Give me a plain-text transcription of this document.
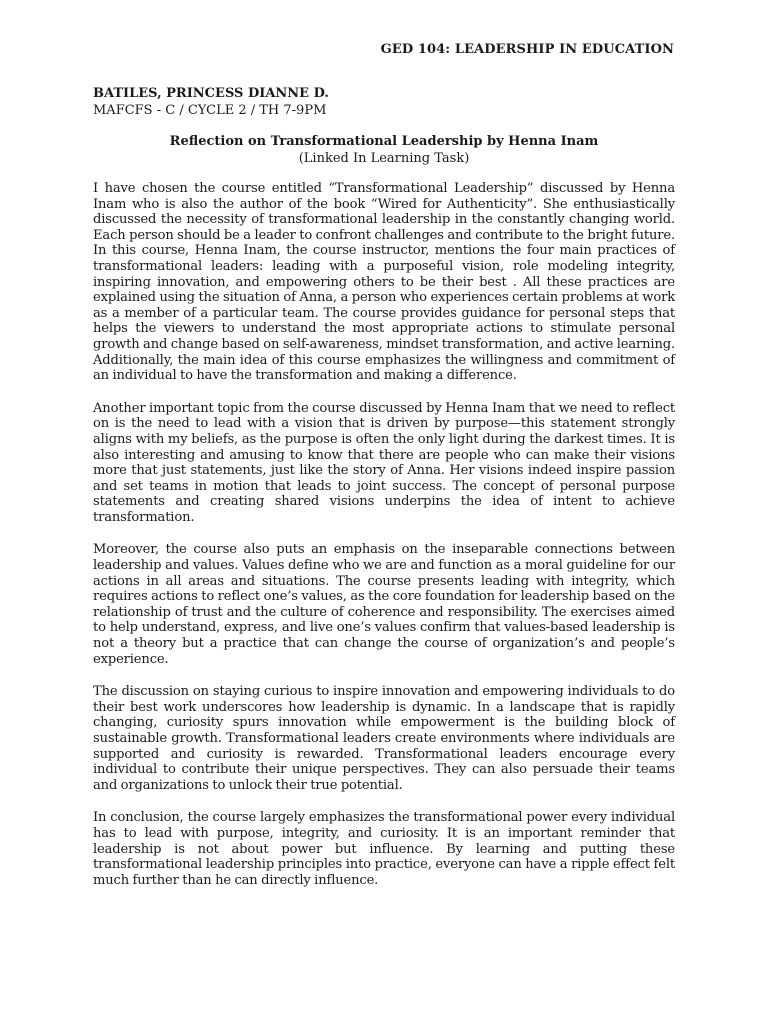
GED 104: LEADERSHIP IN EDUCATION
BATILES, PRINCESS DIANNE D.
MAFCFS - C / CYCLE 2 / TH 7-9PM
Reflection on Transformational Leadership by Henna Inam
(Linked In Learning Task)

I have chosen the course entitled “Transformational Leadership” discussed by Henna Inam who is also the author of the book “Wired for Authenticity”. She enthusiastically discussed the necessity of transformational leadership in the constantly changing world. Each person should be a leader to confront challenges and contribute to the bright future. In this course, Henna Inam, the course instructor, mentions the four main practices of transformational leaders: leading with a purposeful vision, role modeling integrity, inspiring innovation, and empowering others to be their best . All these practices are explained using the situation of Anna, a person who experiences certain problems at work as a member of a particular team. The course provides guidance for personal steps that helps the viewers to understand the most appropriate actions to stimulate personal growth and change based on self-awareness, mindset transformation, and active learning. Additionally, the main idea of this course emphasizes the willingness and commitment of an individual to have the transformation and making a difference.

Another important topic from the course discussed by Henna Inam that we need to reflect on is the need to lead with a vision that is driven by purpose—this statement strongly aligns with my beliefs, as the purpose is often the only light during the darkest times. It is also interesting and amusing to know that there are people who can make their visions more that just statements, just like the story of Anna. Her visions indeed inspire passion and set teams in motion that leads to joint success. The concept of personal purpose statements and creating shared visions underpins the idea of intent to achieve transformation.

Moreover, the course also puts an emphasis on the inseparable connections between leadership and values. Values define who we are and function as a moral guideline for our actions in all areas and situations. The course presents leading with integrity, which requires actions to reflect one’s values, as the core foundation for leadership based on the relationship of trust and the culture of coherence and responsibility. The exercises aimed to help understand, express, and live one’s values confirm that values-based leadership is not a theory but a practice that can change the course of organization’s and people’s experience.

The discussion on staying curious to inspire innovation and empowering individuals to do their best work underscores how leadership is dynamic. In a landscape that is rapidly changing, curiosity spurs innovation while empowerment is the building block of sustainable growth. Transformational leaders create environments where individuals are supported and curiosity is rewarded. Transformational leaders encourage every individual to contribute their unique perspectives. They can also persuade their teams and organizations to unlock their true potential.

In conclusion, the course largely emphasizes the transformational power every individual has to lead with purpose, integrity, and curiosity. It is an important reminder that leadership is not about power but influence. By learning and putting these transformational leadership principles into practice, everyone can have a ripple effect felt much further than he can directly influence.
